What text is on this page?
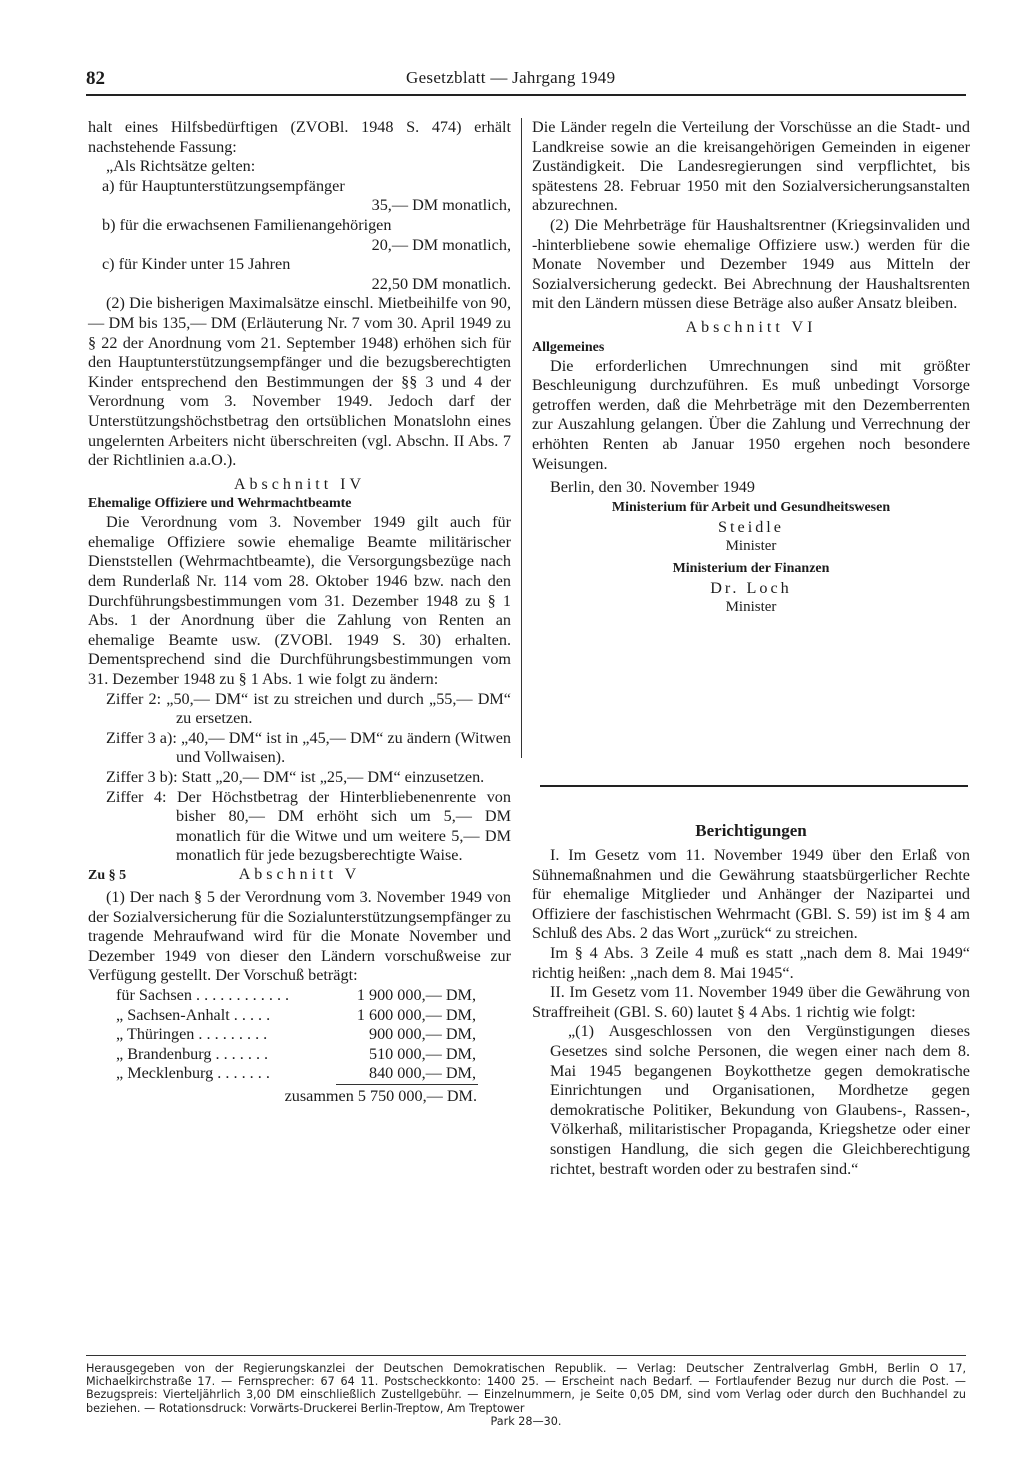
82	Gesetzblatt — Jahrgang 1949

halt eines Hilfsbedürftigen (ZVOBl. 1948 S. 474) erhält nachstehende Fassung:

„Als Richtsätze gelten:

a) für Hauptunterstützungsempfänger

35,— DM monatlich,

b) für die erwachsenen Familienangehörigen

20,— DM monatlich,

c) für Kinder unter 15 Jahren

22,50 DM monatlich.

(2) Die bisherigen Maximalsätze einschl. Mietbeihilfe von 90,— DM bis 135,— DM (Erläuterung Nr. 7 vom 30. April 1949 zu § 22 der Anordnung vom 21. September 1948) erhöhen sich für den Hauptunterstützungsempfänger und die bezugsberechtigten Kinder entsprechend den Bestimmungen der §§ 3 und 4 der Verordnung vom 3. November 1949. Jedoch darf der Unterstützungshöchstbetrag den ortsüblichen Monatslohn eines ungelernten Arbeiters nicht überschreiten (vgl. Abschn. II Abs. 7 der Richtlinien a.a.O.).

Abschnitt IV

Ehemalige Offiziere und Wehrmachtbeamte

Die Verordnung vom 3. November 1949 gilt auch für ehemalige Offiziere sowie ehemalige Beamte militärischer Dienststellen (Wehrmachtbeamte), die Versorgungsbezüge nach dem Runderlaß Nr. 114 vom 28. Oktober 1946 bzw. nach den Durchführungsbestimmungen vom 31. Dezember 1948 zu § 1 Abs. 1 der Anordnung über die Zahlung von Renten an ehemalige Beamte usw. (ZVOBl. 1949 S. 30) erhalten. Dementsprechend sind die Durchführungsbestimmungen vom 31. Dezember 1948 zu § 1 Abs. 1 wie folgt zu ändern:

Ziffer 2: „50,— DM“ ist zu streichen und durch „55,— DM“ zu ersetzen.

Ziffer 3 a): „40,— DM“ ist in „45,— DM“ zu ändern (Witwen und Vollwaisen).

Ziffer 3 b): Statt „20,— DM“ ist „25,— DM“ einzusetzen.

Ziffer 4: Der Höchstbetrag der Hinterbliebenenrente von bisher 80,— DM erhöht sich um 5,— DM monatlich für die Witwe und um weitere 5,— DM monatlich für jede bezugsberechtigte Waise.

Abschnitt V
Zu § 5

(1) Der nach § 5 der Verordnung vom 3. November 1949 von der Sozialversicherung für die Sozialunterstützungsempfänger zu tragende Mehraufwand wird für die Monate November und Dezember 1949 von dieser den Ländern vorschußweise zur Verfügung gestellt. Der Vorschuß beträgt:

für Sachsen . . . . . . . . . . . .	1 900 000,— DM,
„ Sachsen-Anhalt . . . . .	1 600 000,— DM,
„ Thüringen . . . . . . . . .	900 000,— DM,
„ Brandenburg . . . . . . .	510 000,— DM,
„ Mecklenburg . . . . . . .	840 000,— DM,

zusammen 5 750 000,— DM.

Die Länder regeln die Verteilung der Vorschüsse an die Stadt- und Landkreise sowie an die kreisangehörigen Gemeinden in eigener Zuständigkeit. Die Landesregierungen sind verpflichtet, bis spätestens 28. Februar 1950 mit den Sozialversicherungsanstalten abzurechnen.

(2) Die Mehrbeträge für Haushaltsrentner (Kriegsinvaliden und -hinterbliebene sowie ehemalige Offiziere usw.) werden für die Monate November und Dezember 1949 aus Mitteln der Sozialversicherung gedeckt. Bei Abrechnung der Haushaltsrenten mit den Ländern müssen diese Beträge also außer Ansatz bleiben.

Abschnitt VI

Allgemeines

Die erforderlichen Umrechnungen sind mit größter Beschleunigung durchzuführen. Es muß unbedingt Vorsorge getroffen werden, daß die Mehrbeträge mit den Dezemberrenten zur Auszahlung gelangen. Über die Zahlung und Verrechnung der erhöhten Renten ab Januar 1950 ergehen noch besondere Weisungen.

Berlin, den 30. November 1949

Ministerium für Arbeit und Gesundheitswesen

Steidle

Minister

Ministerium der Finanzen

Dr. Loch

Minister

Berichtigungen

I. Im Gesetz vom 11. November 1949 über den Erlaß von Sühnemaßnahmen und die Gewährung staatsbürgerlicher Rechte für ehemalige Mitglieder und Anhänger der Nazipartei und Offiziere der faschistischen Wehrmacht (GBl. S. 59) ist im § 4 am Schluß des Abs. 2 das Wort „zurück“ zu streichen.

Im § 4 Abs. 3 Zeile 4 muß es statt „nach dem 8. Mai 1949“ richtig heißen: „nach dem 8. Mai 1945“.

II. Im Gesetz vom 11. November 1949 über die Gewährung von Straffreiheit (GBl. S. 60) lautet § 4 Abs. 1 richtig wie folgt:

„(1) Ausgeschlossen von den Vergünstigungen dieses Gesetzes sind solche Personen, die wegen einer nach dem 8. Mai 1945 begangenen Boykotthetze gegen demokratische Einrichtungen und Organisationen, Mordhetze gegen demokratische Politiker, Bekundung von Glaubens-, Rassen-, Völkerhaß, militaristischer Propaganda, Kriegshetze oder einer sonstigen Handlung, die sich gegen die Gleichberechtigung richtet, bestraft worden oder zu bestrafen sind.“

Herausgegeben von der Regierungskanzlei der Deutschen Demokratischen Republik. — Verlag: Deutscher Zentralverlag GmbH, Berlin O 17, Michaelkirchstraße 17. — Fernsprecher: 67 64 11. Postscheckkonto: 1400 25. — Erscheint nach Bedarf. — Fortlaufender Bezug nur durch die Post. — Bezugspreis: Vierteljährlich 3,00 DM einschließlich Zustellgebühr. — Einzelnummern, je Seite 0,05 DM, sind vom Verlag oder durch den Buchhandel zu beziehen. — Rotationsdruck: Vorwärts-Druckerei Berlin-Treptow, Am Treptower
Park 28—30.
